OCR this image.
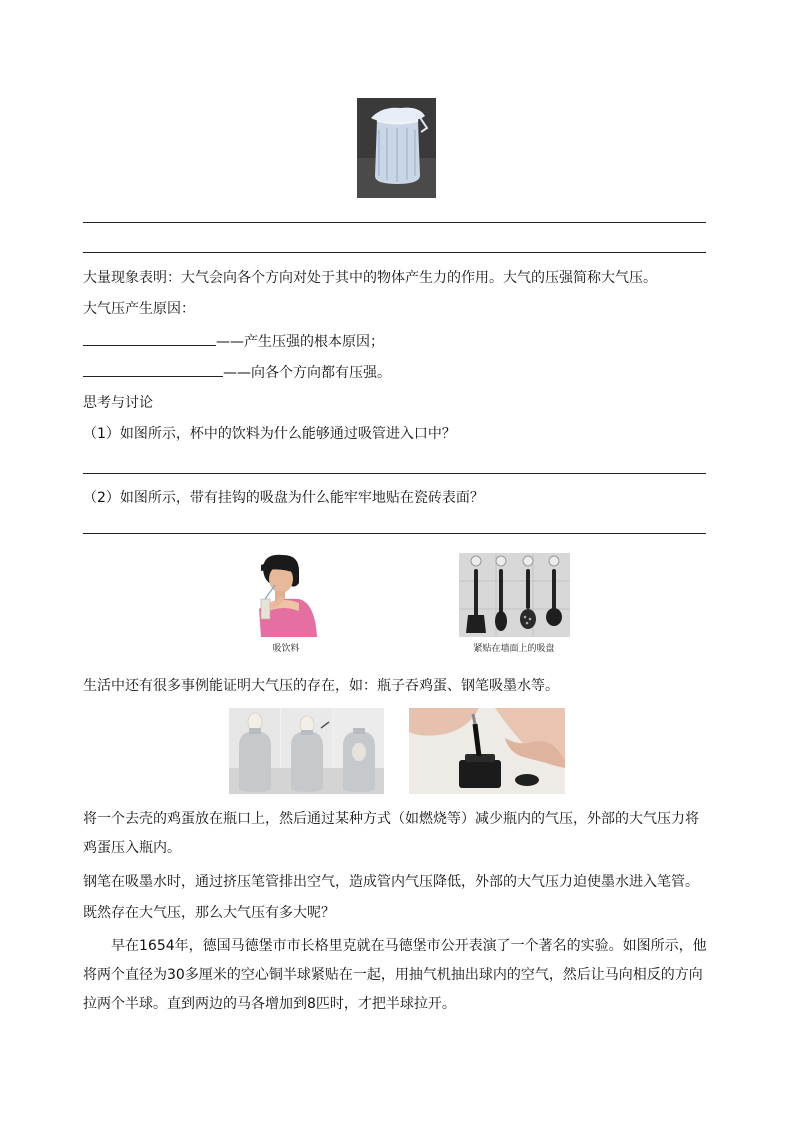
大量现象表明：大气会向各个方向对处于其中的物体产生力的作用。大气的压强简称大气压。
大气压产生原因：
——产生压强的根本原因；
——向各个方向都有压强。
思考与讨论
（1）如图所示，杯中的饮料为什么能够通过吸管进入口中？
（2）如图所示，带有挂钩的吸盘为什么能牢牢地贴在瓷砖表面？
吸饮料	紧贴在墙面上的吸盘
生活中还有很多事例能证明大气压的存在，如：瓶子吞鸡蛋、钢笔吸墨水等。
将一个去壳的鸡蛋放在瓶口上，然后通过某种方式（如燃烧等）减少瓶内的气压，外部的大气压力将鸡蛋压入瓶内。
钢笔在吸墨水时，通过挤压笔管排出空气，造成管内气压降低，外部的大气压力迫使墨水进入笔管。
既然存在大气压，那么大气压有多大呢？
早在1654年，德国马德堡市市长格里克就在马德堡市公开表演了一个著名的实验。如图所示，他将两个直径为30多厘米的空心铜半球紧贴在一起，用抽气机抽出球内的空气，然后让马向相反的方向拉两个半球。直到两边的马各增加到8匹时，才把半球拉开。
